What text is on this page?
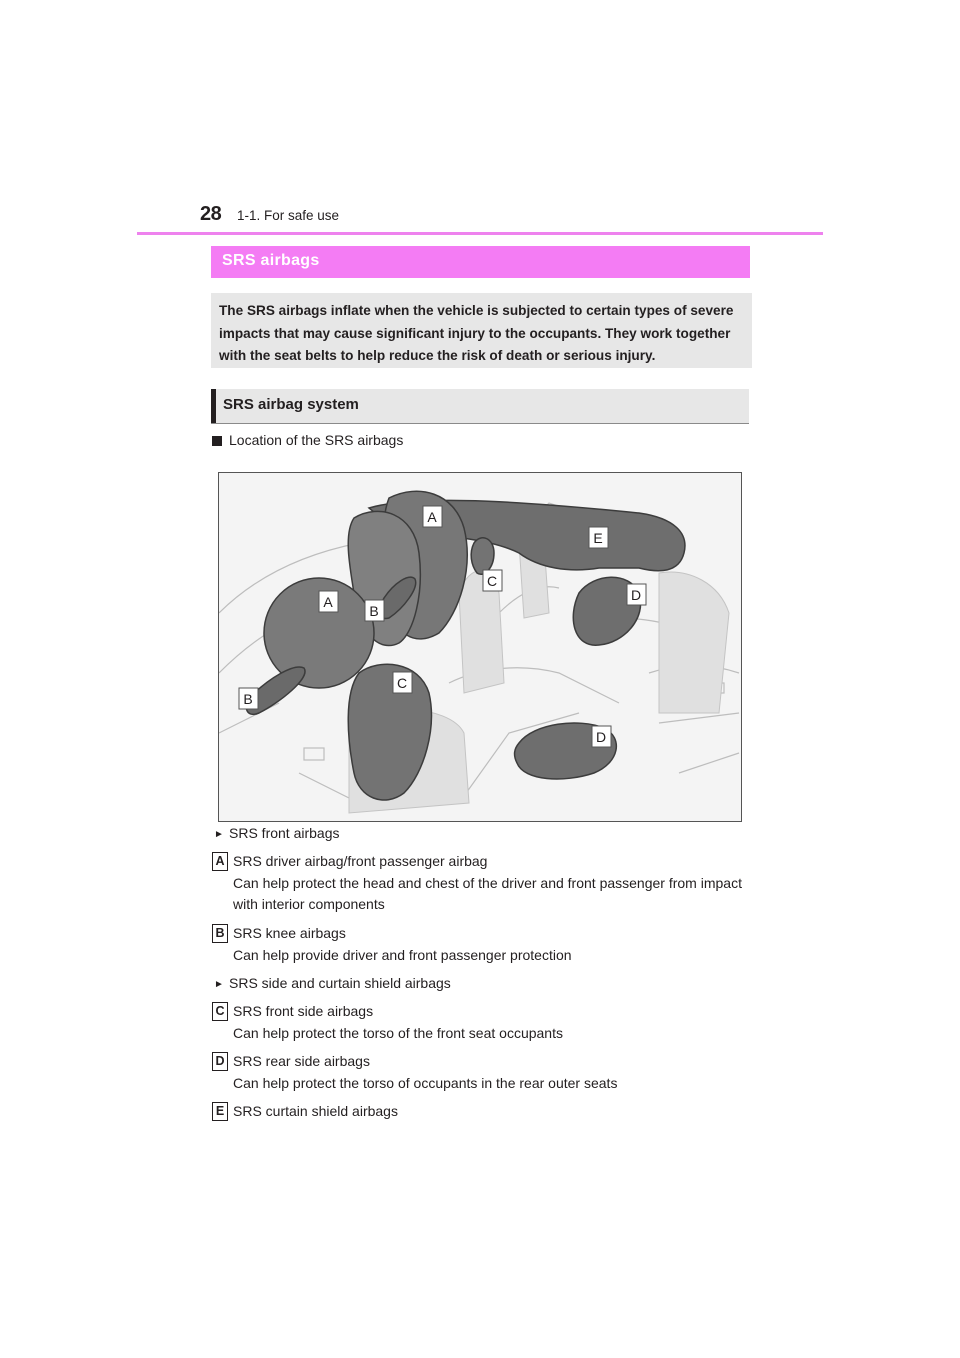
28 1-1. For safe use
SRS airbags
The SRS airbags inflate when the vehicle is subjected to certain types of severe impacts that may cause significant injury to the occupants. They work together with the seat belts to help reduce the risk of death or serious injury.
SRS airbag system
Location of the SRS airbags
A
A
B
B
C
C
D
D
E
► SRS front airbags
A SRS driver airbag/front passenger airbag
Can help protect the head and chest of the driver and front passenger from impact with interior components
B SRS knee airbags
Can help provide driver and front passenger protection
► SRS side and curtain shield airbags
C SRS front side airbags
Can help protect the torso of the front seat occupants
D SRS rear side airbags
Can help protect the torso of occupants in the rear outer seats
E SRS curtain shield airbags
